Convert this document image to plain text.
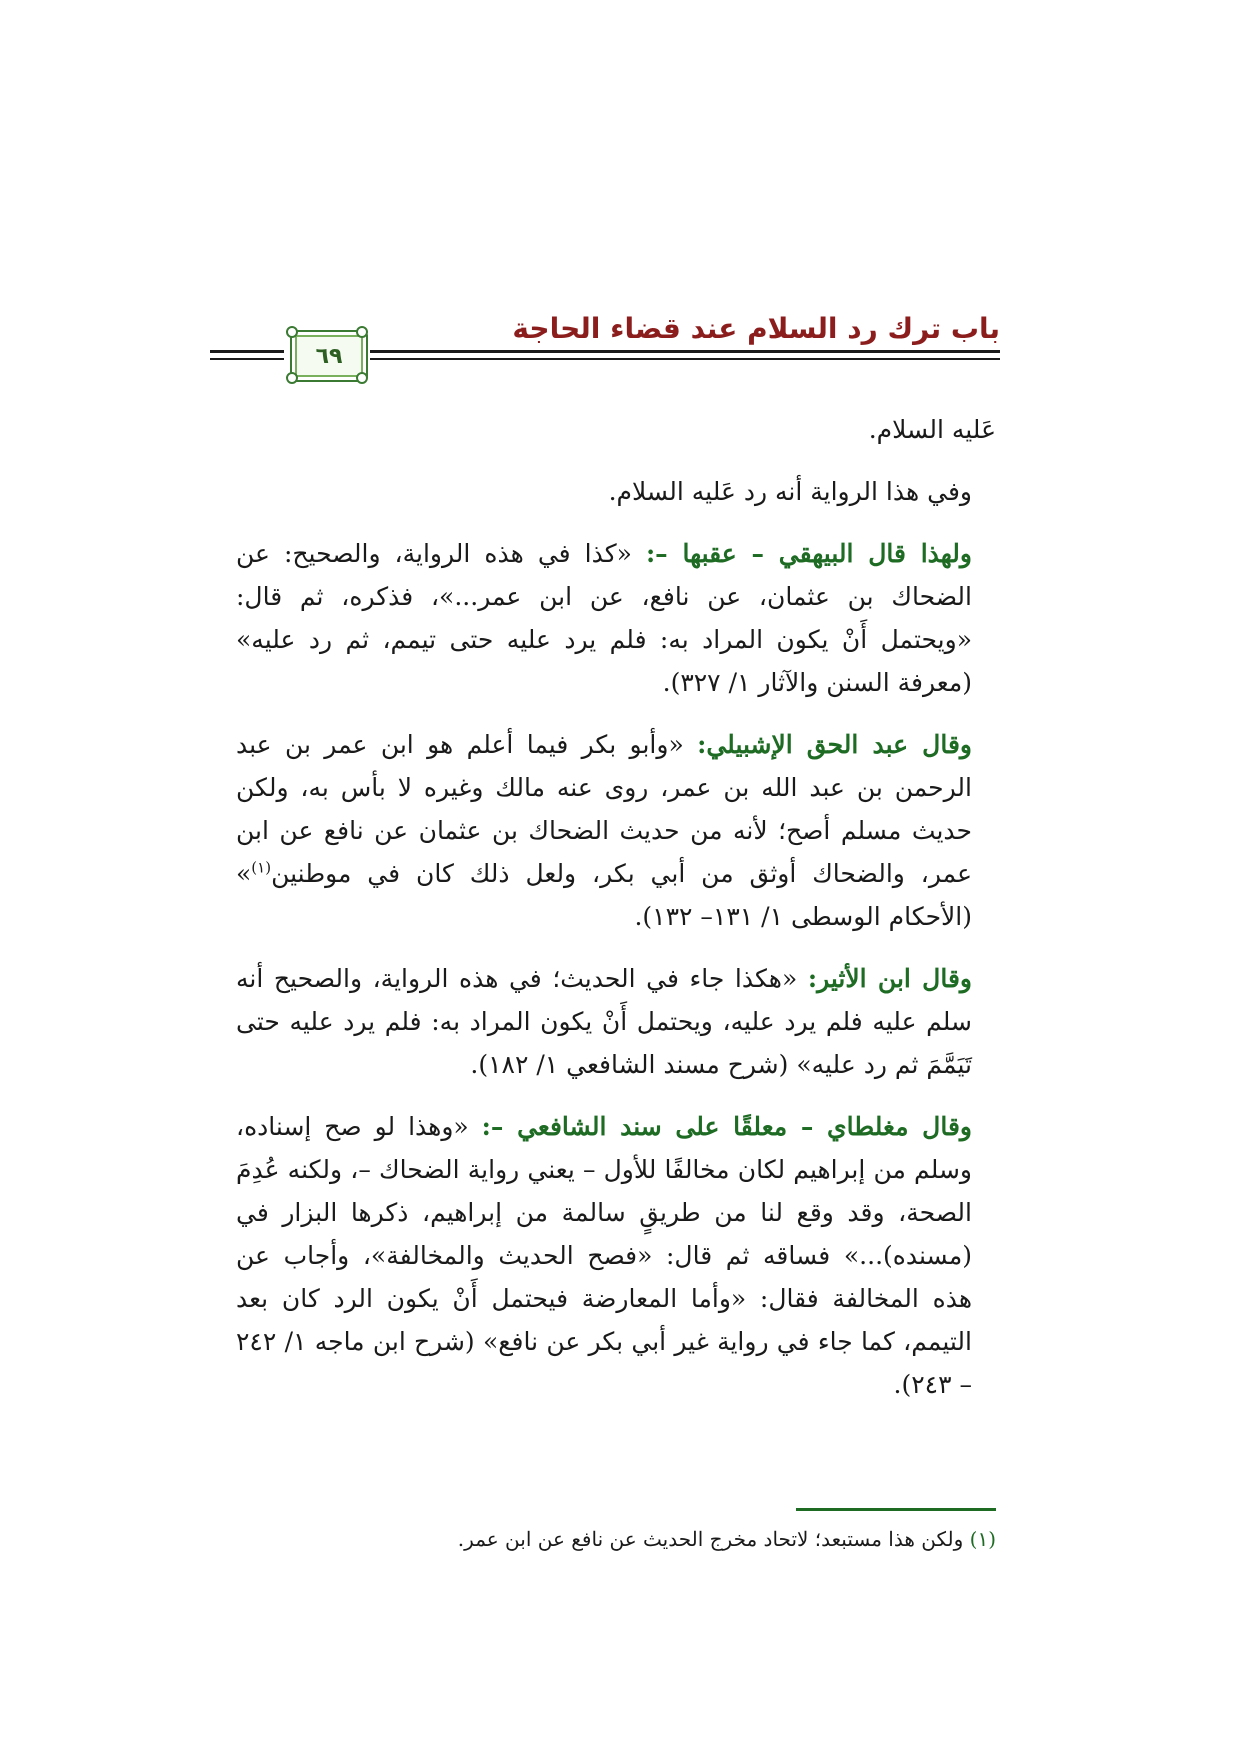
باب ترك رد السلام عند قضاء الحاجة
٦٩

عَليه السلام.

وفي هذا الرواية أنه رد عَليه السلام.

ولهذا قال البيهقي – عقبها –: «كذا في هذه الرواية، والصحيح: عن الضحاك بن عثمان، عن نافع، عن ابن عمر...»، فذكره، ثم قال: «ويحتمل أَنْ يكون المراد به: فلم يرد عليه حتى تيمم، ثم رد عليه» (معرفة السنن والآثار ١/ ٣٢٧).

وقال عبد الحق الإشبيلي: «وأبو بكر فيما أعلم هو ابن عمر بن عبد الرحمن بن عبد الله بن عمر، روى عنه مالك وغيره لا بأس به، ولكن حديث مسلم أصح؛ لأنه من حديث الضحاك بن عثمان عن نافع عن ابن عمر، والضحاك أوثق من أبي بكر، ولعل ذلك كان في موطنين$^{(١)}$» (الأحكام الوسطى ١/ ١٣١– ١٣٢).

وقال ابن الأثير: «هكذا جاء في الحديث؛ في هذه الرواية، والصحيح أنه سلم عليه فلم يرد عليه، ويحتمل أَنْ يكون المراد به: فلم يرد عليه حتى تَيَمَّمَ ثم رد عليه» (شرح مسند الشافعي ١/ ١٨٢).

وقال مغلطاي – معلقًا على سند الشافعي –: «وهذا لو صح إسناده، وسلم من إبراهيم لكان مخالفًا للأول – يعني رواية الضحاك –، ولكنه عُدِمَ الصحة، وقد وقع لنا من طريقٍ سالمة من إبراهيم، ذكرها البزار في (مسنده)...» فساقه ثم قال: «فصح الحديث والمخالفة»، وأجاب عن هذه المخالفة فقال: «وأما المعارضة فيحتمل أَنْ يكون الرد كان بعد التيمم، كما جاء في رواية غير أبي بكر عن نافع» (شرح ابن ماجه ١/ ٢٤٢ – ٢٤٣).

(١) ولكن هذا مستبعد؛ لاتحاد مخرج الحديث عن نافع عن ابن عمر.
